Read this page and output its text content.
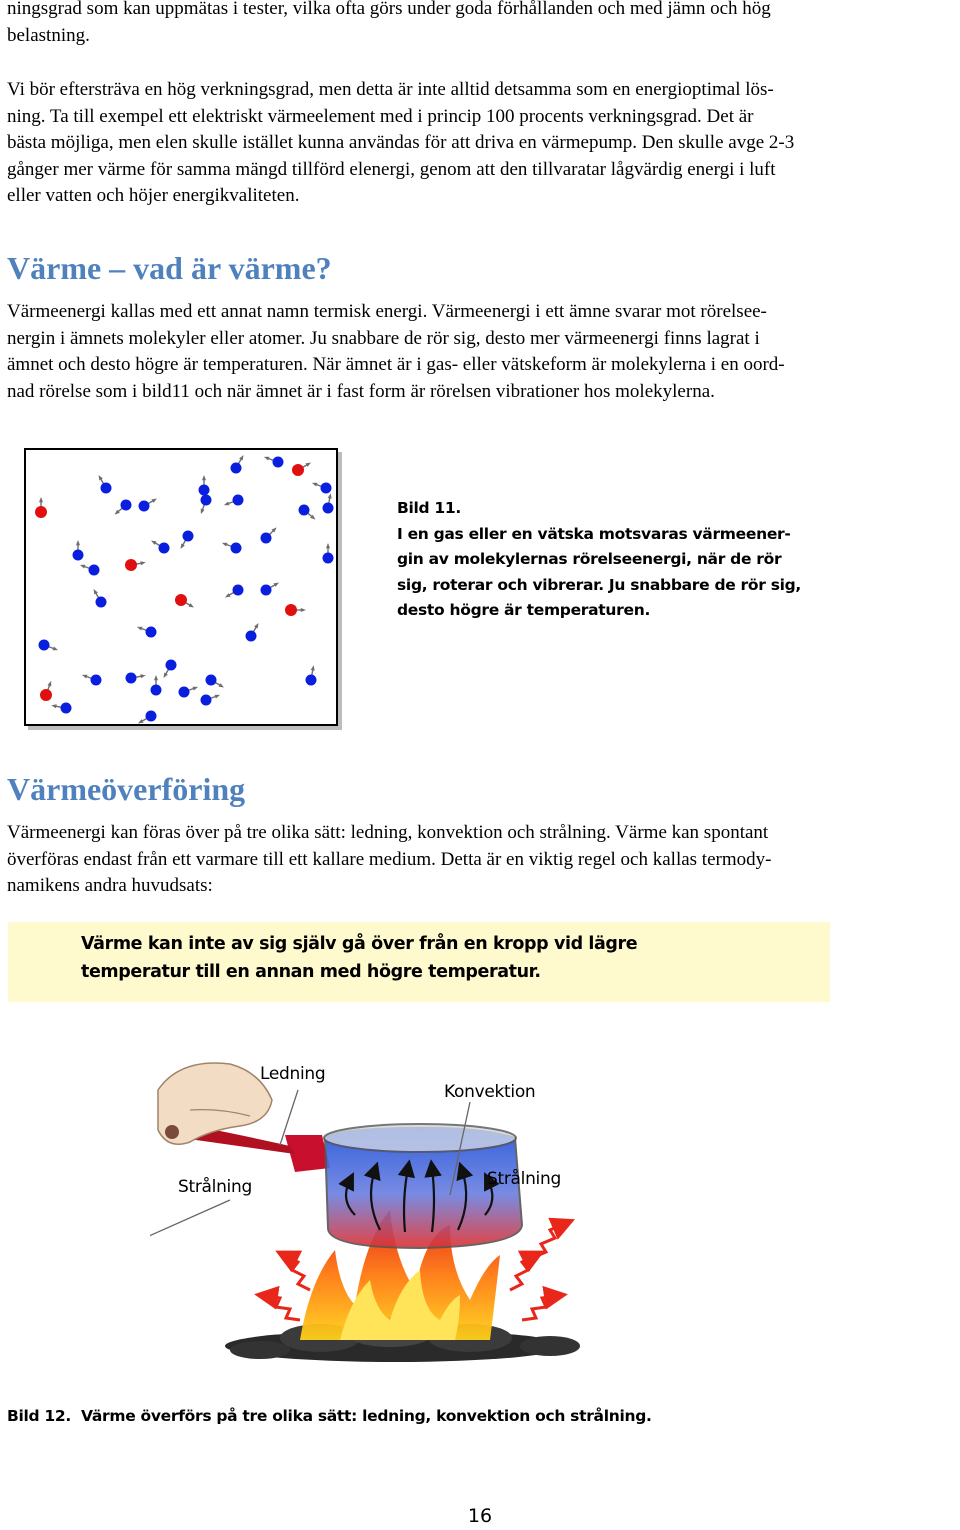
ningsgrad som kan uppmätas i tester, vilka ofta görs under goda förhållanden och med jämn och hög
belastning.
Vi bör eftersträva en hög verkningsgrad, men detta är inte alltid detsamma som en energioptimal lös-
ning. Ta till exempel ett elektriskt värmeelement med i princip 100 procents verkningsgrad. Det är
bästa möjliga, men elen skulle istället kunna användas för att driva en värmepump. Den skulle avge 2-3
gånger mer värme för samma mängd tillförd elenergi, genom att den tillvaratar lågvärdig energi i luft
eller vatten och höjer energikvaliteten.
Värme – vad är värme?
Värmeenergi kallas med ett annat namn termisk energi. Värmeenergi i ett ämne svarar mot rörelsee-
nergin i ämnets molekyler eller atomer. Ju snabbare de rör sig, desto mer värmeenergi finns lagrat i
ämnet och desto högre är temperaturen. När ämnet är i gas- eller vätskeform är molekylerna i en oord-
nad rörelse som i bild11 och när ämnet är i fast form är rörelsen vibrationer hos molekylerna.
Bild 11.
I en gas eller en vätska motsvaras värmeener-
gin av molekylernas rörelseenergi, när de rör
sig, roterar och vibrerar. Ju snabbare de rör sig,
desto högre är temperaturen.
Värmeöverföring
Värmeenergi kan föras över på tre olika sätt: ledning, konvektion och strålning. Värme kan spontant
överföras endast från ett varmare till ett kallare medium. Detta är en viktig regel och kallas termody-
namikens andra huvudsats:
Värme kan inte av sig själv gå över från en kropp vid lägre
temperatur till en annan med högre temperatur.
Ledning
Konvektion
Strålning	Strålning
Bild 12. Värme överförs på tre olika sätt: ledning, konvektion och strålning.
16
